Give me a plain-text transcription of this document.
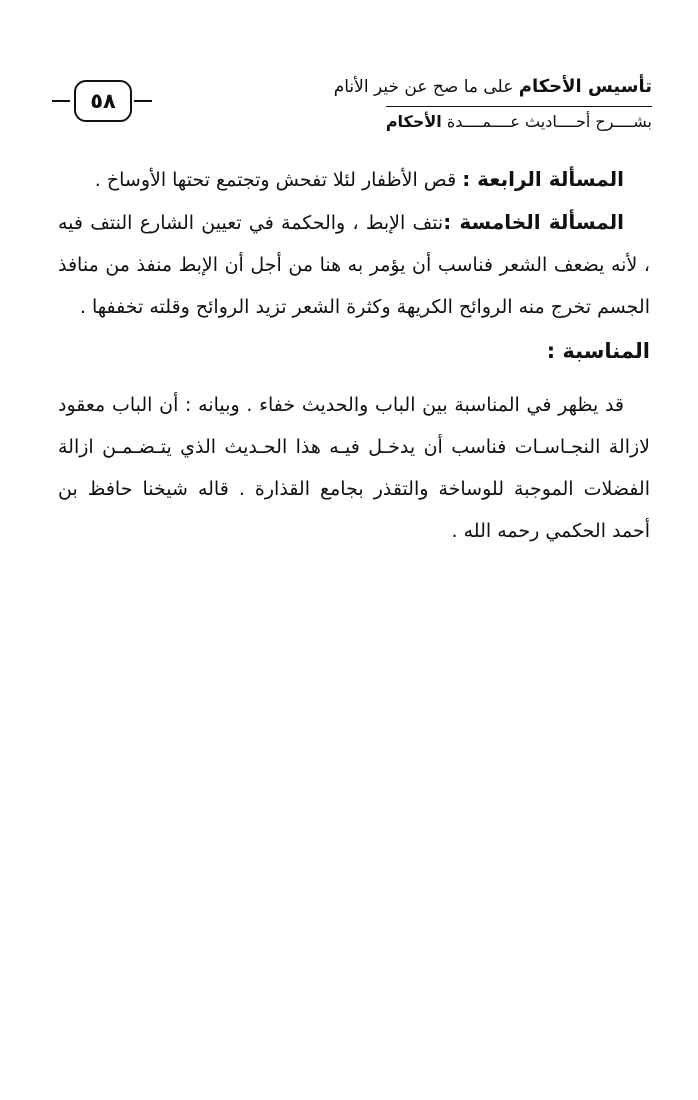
تأسيس الأحكام على ما صح عن خير الأنام
بشــــرح أحــــاديث عــــمــــدة الأحكام
٥٨

المسألة الرابعة : قص الأظفار لئلا تفحش وتجتمع تحتها الأوساخ .

المسألة الخامسة :نتف الإبط ، والحكمة في تعيين الشارع النتف فيه ، لأنه يضعف الشعر فناسب أن يؤمر به هنا من أجل أن الإبط منفذ من منافذ الجسم تخرج منه الروائح الكريهة وكثرة الشعر تزيد الروائح وقلته تخففها .

المناسبة :

قد يظهر في المناسبة بين الباب والحديث خفاء . وبيانه : أن الباب معقود لازالة النجـاسـات فناسب أن يدخـل فيـه هذا الحـديث الذي يتـضـمـن ازالة الفضلات الموجبة للوساخة والتقذر بجامع القذارة . قاله شيخنا حافظ بن أحمد الحكمي رحمه الله .
